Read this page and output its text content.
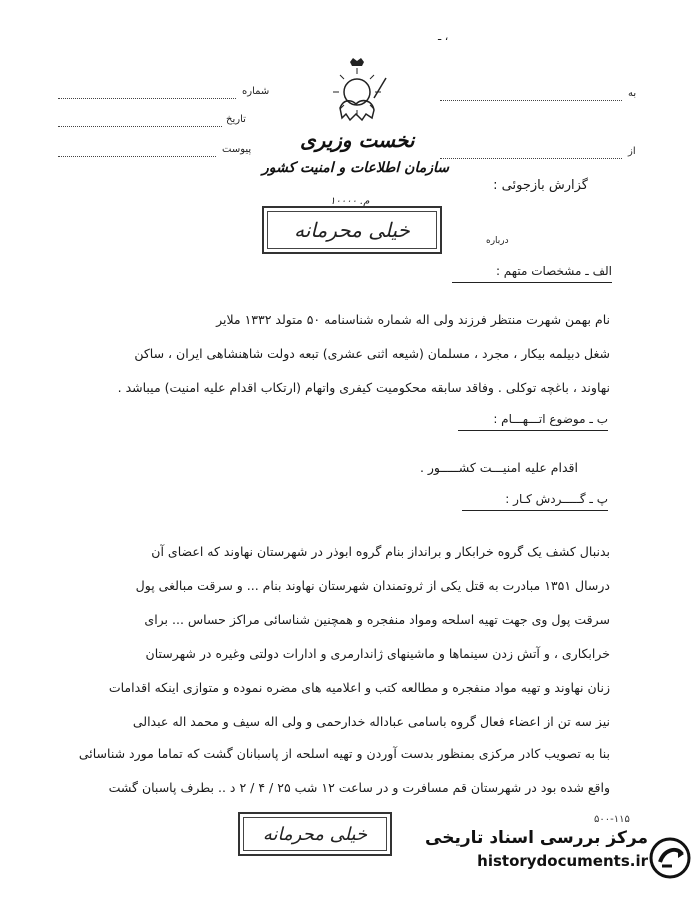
ـ ،
شماره
تاریخ
پیوست
به
از
نخست وزیری
سازمان اطلاعات و امنیت کشور
م. ۱۰۰۰۰
خیلی محرمانه	درباره
گزارش بازجوئی :
الف ـ مشخصات متهم :
نام بهمن شهرت منتظر فرزند ولی اله شماره شناسنامه ۵۰ متولد ۱۳۳۲ ملایر
شغل دبیلمه بیکار ، مجرد ، مسلمان (شیعه اثنی عشری) تبعه دولت شاهنشاهی ایران ، ساکن
نهاوند ، باغچه توکلی . وفاقد سابقه محکومیت کیفری واتهام (ارتکاب اقدام علیه امنیت) میباشد .
ب ـ موضوع اتـــهـــام :
اقدام علیه امنیـــت کشـــــور .
پ ـ گـــــردش کـار :
بدنبال کشف یک گروه خرابکار و برانداز بنام گروه ابوذر در شهرستان نهاوند که اعضای آن
درسال ۱۳۵۱ مبادرت به قتل یکی از ثروتمندان شهرستان نهاوند بنام ... و سرقت مبالغی پول
سرقت پول وی جهت تهیه اسلحه ومواد منفجره و همچنین شناسائی مراکز حساس ... برای
خرابکاری ، و آتش زدن سینماها و ماشینهای ژاندارمری و ادارات دولتی وغیره در شهرستان
زنان نهاوند و تهیه مواد منفجره و مطالعه کتب و اعلامیه های مضره نموده و متوازی اینکه اقدامات
نیز سه تن از اعضاء فعال گروه باسامی عباداله خدارحمی و ولی اله سیف و محمد اله عبدالی
بنا به تصویب کادر مرکزی بمنظور بدست آوردن و تهیه اسلحه از پاسبانان گشت که تماما مورد شناسائی
واقع شده بود در شهرستان قم مسافرت و در ساعت ۱۲ شب ۲۵ / ۴ / ۲ د .. بطرف پاسبان گشت
خیلی محرمانه
۵۰۰-۱۱۵
مرکز بررسی اسناد تاریخی
historydocuments.ir
